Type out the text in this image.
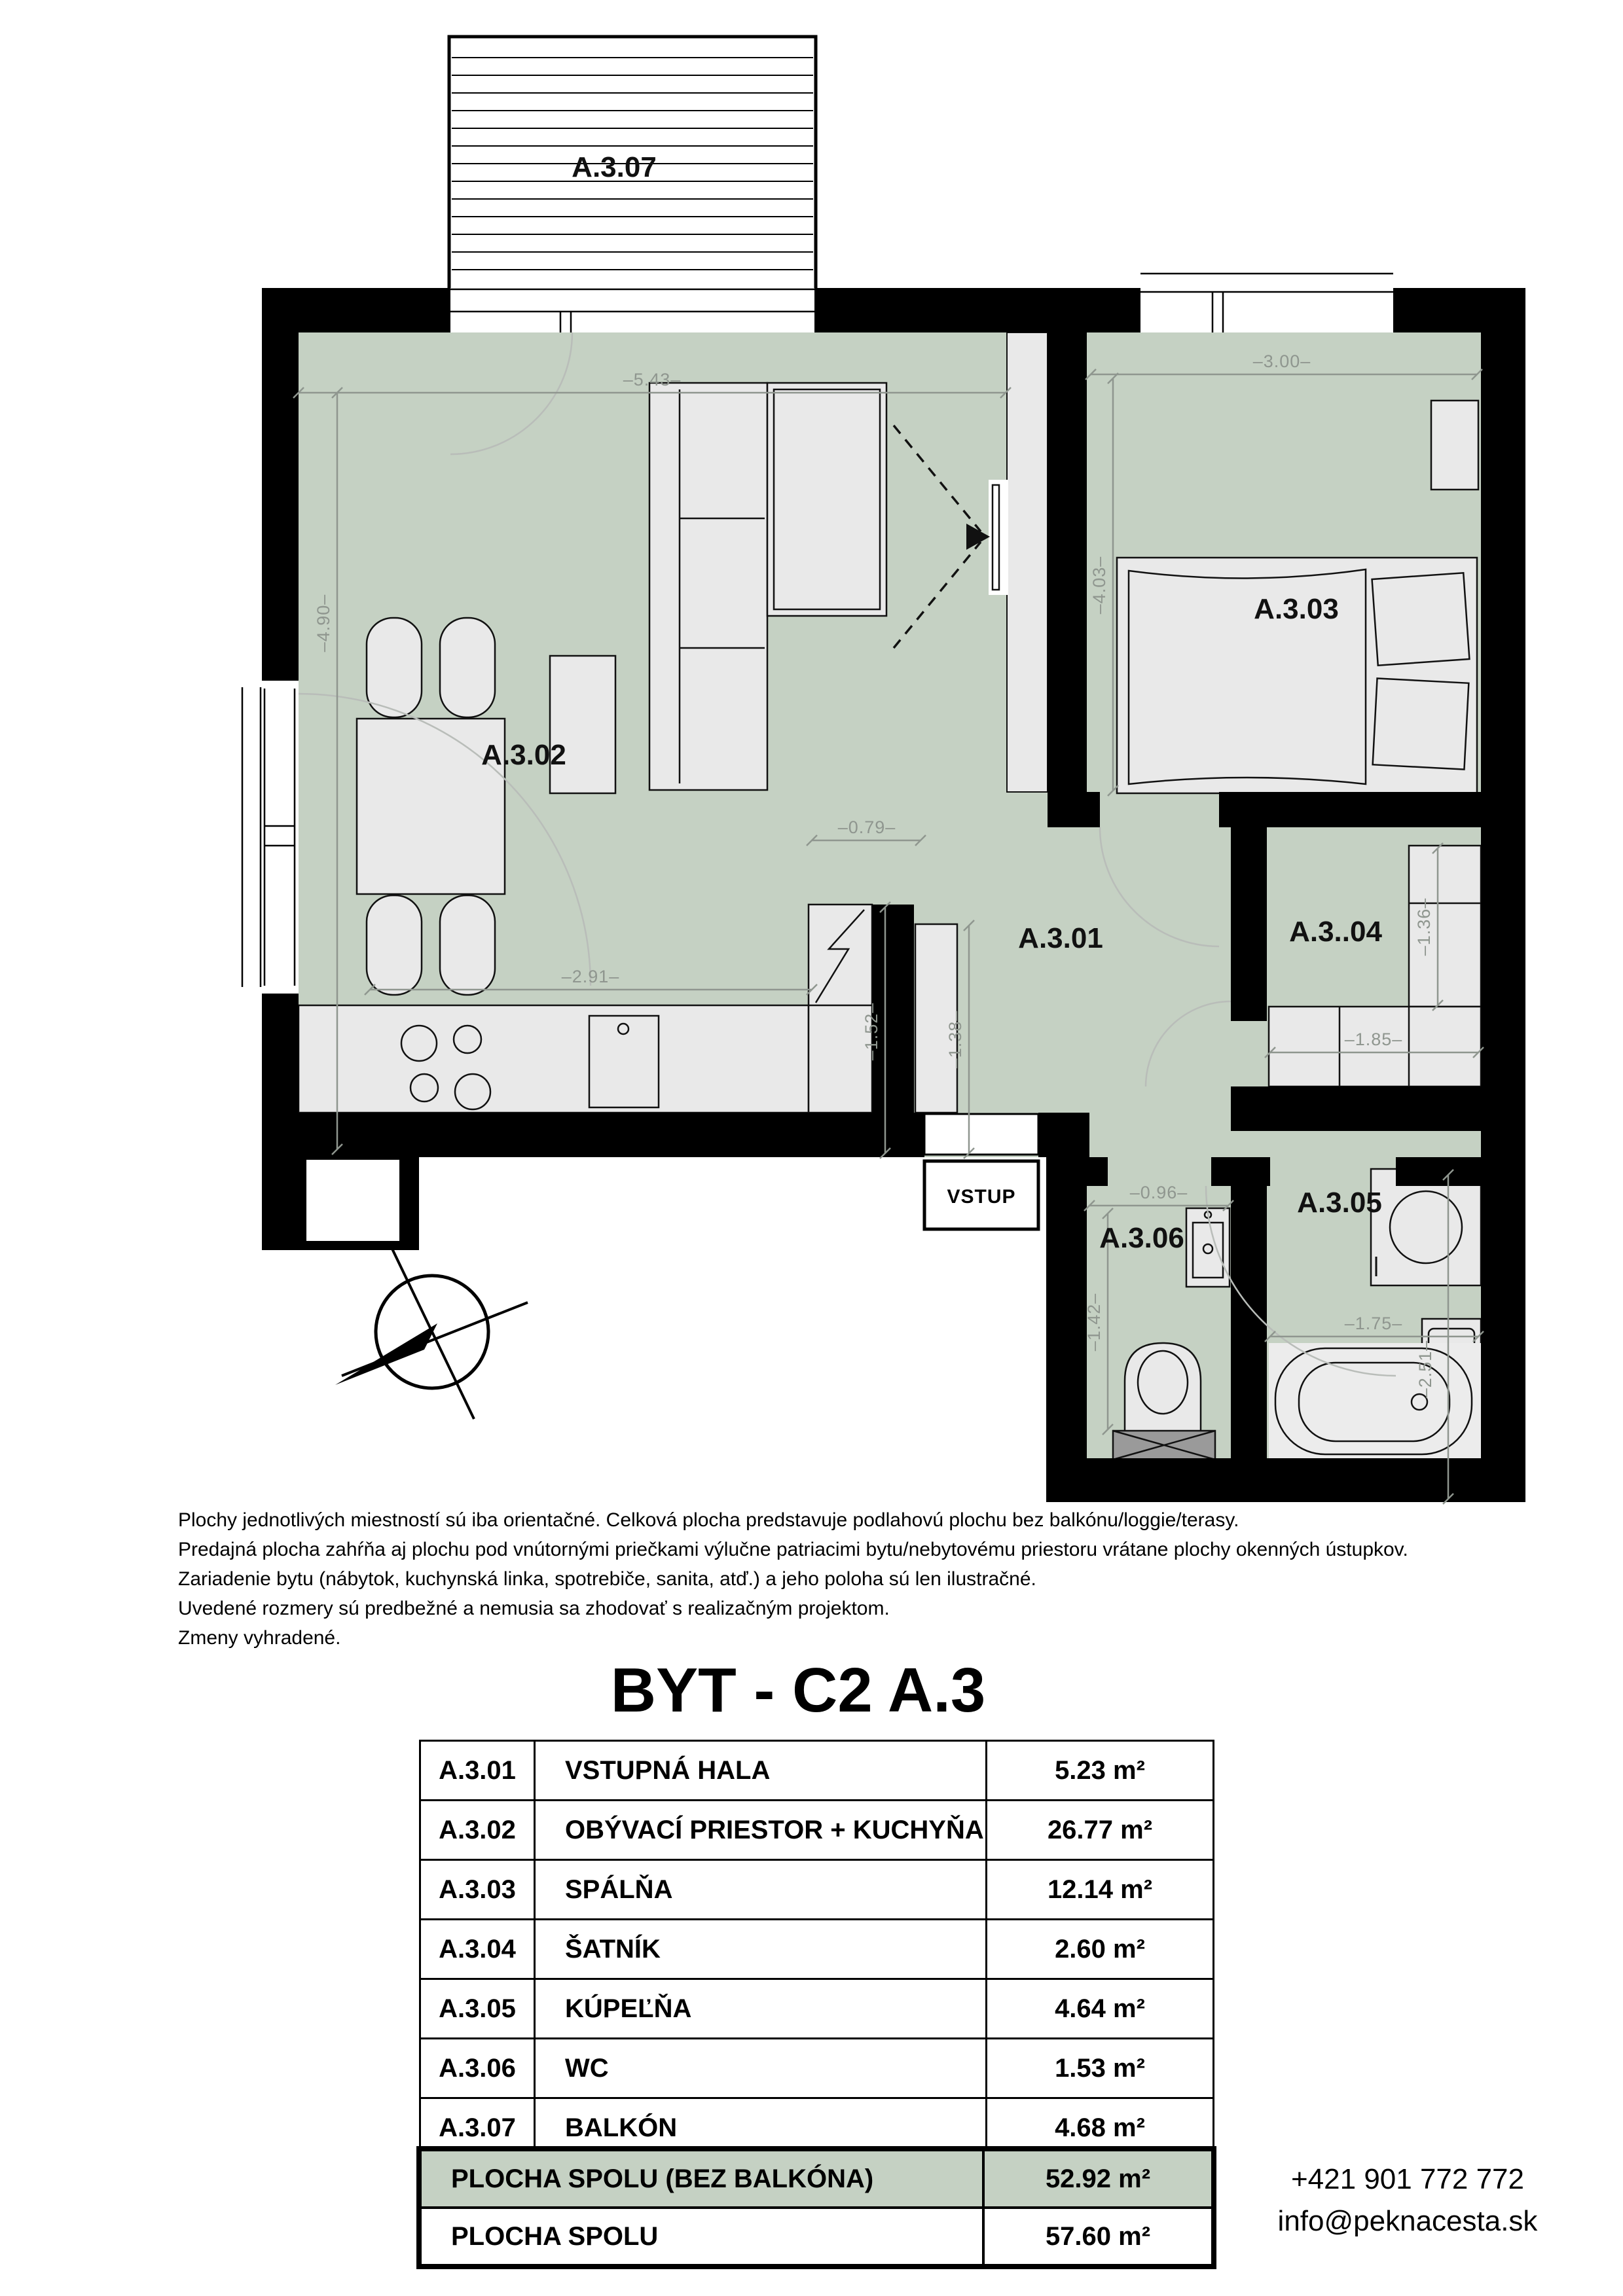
VSTUP
–5.43–
–4.90–
–3.00–
–4.03–
–0.79–
–2.91–
–1.52–	–1.38–	–1.85–
–1.36–
–0.96–
–1.42–	–1.75–
–2.51–
A.3.07
A.3.02
A.3.03
A.3.01	A.3..04
A.3.05
A.3.06
Plochy jednotlivých miestností sú iba orientačné. Celková plocha predstavuje podlahovú plochu bez balkónu/loggie/terasy.
Predajná plocha zahŕňa aj plochu pod vnútornými priečkami výlučne patriacimi bytu/nebytovému priestoru vrátane plochy okenných ústupkov.
Zariadenie bytu (nábytok, kuchynská linka, spotrebiče, sanita, atď.) a jeho poloha sú len ilustračné.
Uvedené rozmery sú predbežné a nemusia sa zhodovať s realizačným projektom.
Zmeny vyhradené.
BYT - C2 A.3
A.3.01	VSTUPNÁ HALA	5.23 m²
A.3.02	OBÝVACÍ PRIESTOR + KUCHYŇA	26.77 m²
A.3.03	SPÁLŇA	12.14 m²
A.3.04	ŠATNÍK	2.60 m²
A.3.05	KÚPEĽŇA	4.64 m²
A.3.06	WC	1.53 m²
A.3.07	BALKÓN	4.68 m²
PLOCHA SPOLU (BEZ BALKÓNA)	52.92 m²
PLOCHA SPOLU	57.60 m²
+421 901 772 772
info@peknacesta.sk
